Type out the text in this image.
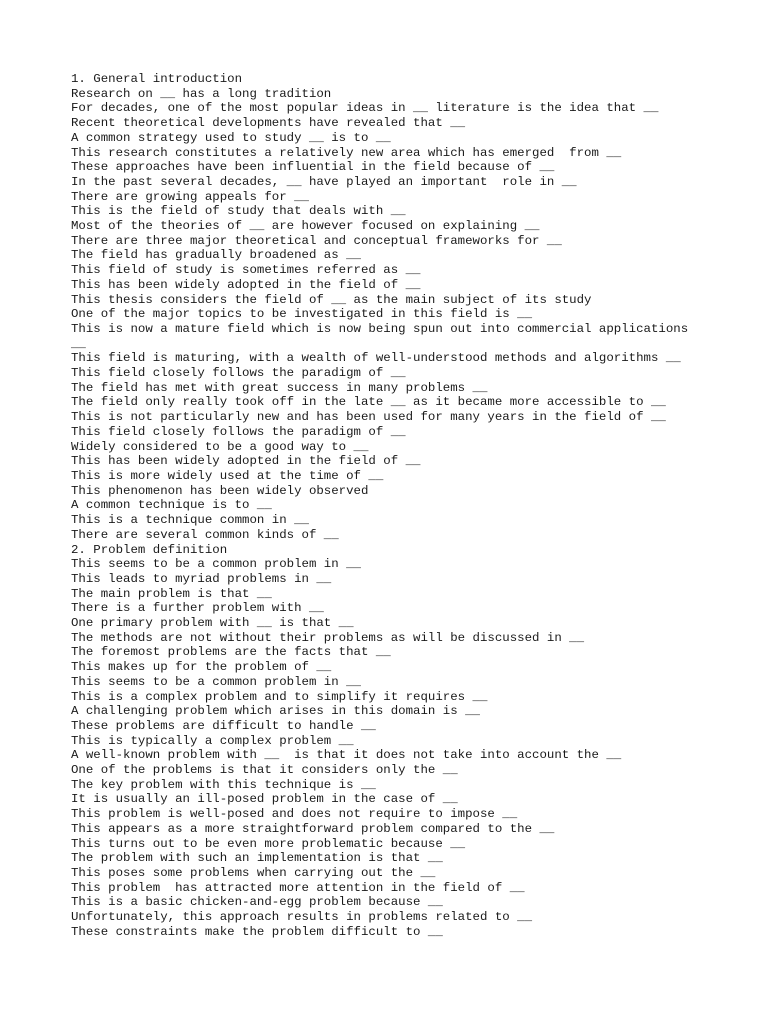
1. General introduction
Research on __ has a long tradition
For decades, one of the most popular ideas in __ literature is the idea that __
Recent theoretical developments have revealed that __
A common strategy used to study __ is to __
This research constitutes a relatively new area which has emerged  from __
These approaches have been influential in the field because of __
In the past several decades, __ have played an important  role in __
There are growing appeals for __
This is the field of study that deals with __
Most of the theories of __ are however focused on explaining __
There are three major theoretical and conceptual frameworks for __
The field has gradually broadened as __
This field of study is sometimes referred as __
This has been widely adopted in the field of __
This thesis considers the field of __ as the main subject of its study
One of the major topics to be investigated in this field is __
This is now a mature field which is now being spun out into commercial applications
__
This field is maturing, with a wealth of well-understood methods and algorithms __
This field closely follows the paradigm of __
The field has met with great success in many problems __
The field only really took off in the late __ as it became more accessible to __
This is not particularly new and has been used for many years in the field of __
This field closely follows the paradigm of __
Widely considered to be a good way to __
This has been widely adopted in the field of __
This is more widely used at the time of __
This phenomenon has been widely observed
A common technique is to __
This is a technique common in __
There are several common kinds of __
2. Problem definition
This seems to be a common problem in __
This leads to myriad problems in __
The main problem is that __
There is a further problem with __
One primary problem with __ is that __
The methods are not without their problems as will be discussed in __
The foremost problems are the facts that __
This makes up for the problem of __
This seems to be a common problem in __
This is a complex problem and to simplify it requires __
A challenging problem which arises in this domain is __
These problems are difficult to handle __
This is typically a complex problem __
A well-known problem with __  is that it does not take into account the __
One of the problems is that it considers only the __
The key problem with this technique is __
It is usually an ill-posed problem in the case of __
This problem is well-posed and does not require to impose __
This appears as a more straightforward problem compared to the __
This turns out to be even more problematic because __
The problem with such an implementation is that __
This poses some problems when carrying out the __
This problem  has attracted more attention in the field of __
This is a basic chicken-and-egg problem because __
Unfortunately, this approach results in problems related to __
These constraints make the problem difficult to __
